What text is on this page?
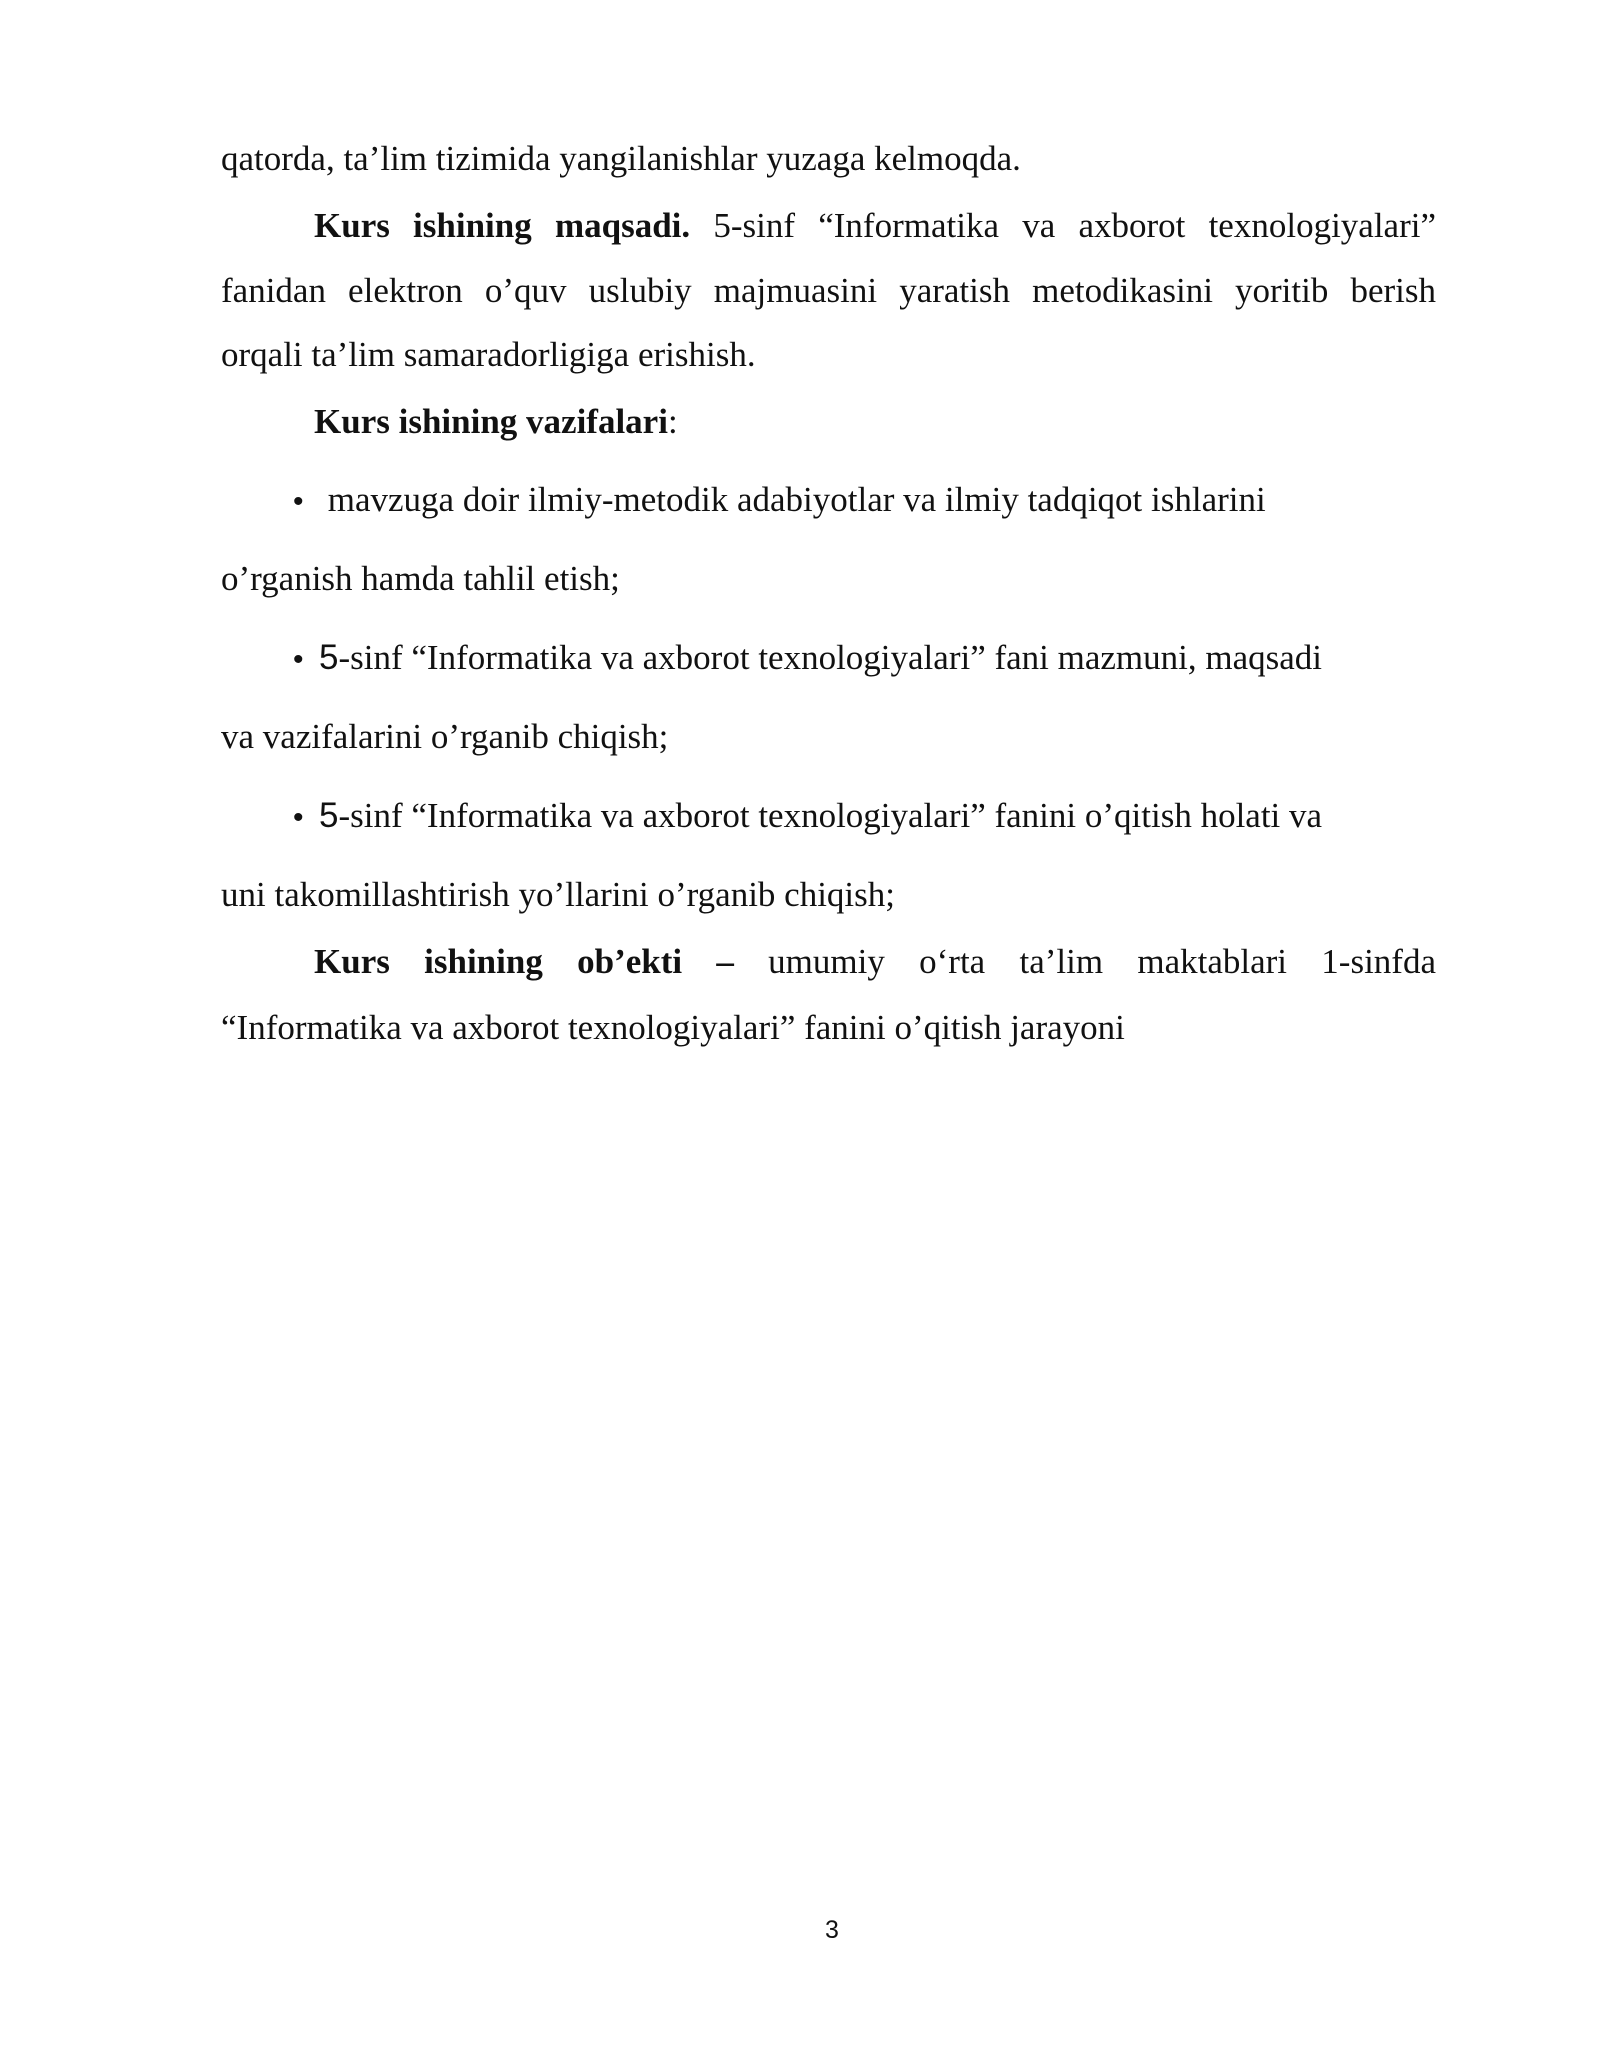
qatorda, ta’lim tizimida yangilanishlar yuzaga kelmoqda.
Kurs ishining maqsadi. 5-sinf “Informatika va axborot texnologiyalari”
fanidan elektron o’quv uslubiy majmuasini yaratish metodikasini yoritib berish
orqali ta’lim samaradorligiga erishish.
Kurs ishining vazifalari:
• mavzuga doir ilmiy-metodik adabiyotlar va ilmiy tadqiqot ishlarini
o’rganish hamda tahlil etish;
• 5-sinf “Informatika va axborot texnologiyalari” fani mazmuni, maqsadi
va vazifalarini o’rganib chiqish;
• 5-sinf “Informatika va axborot texnologiyalari” fanini o’qitish holati va
uni takomillashtirish yo’llarini o’rganib chiqish;
Kurs ishining ob’ekti – umumiy o‘rta ta’lim maktablari 1-sinfda
“Informatika va axborot texnologiyalari” fanini o’qitish jarayoni
3
